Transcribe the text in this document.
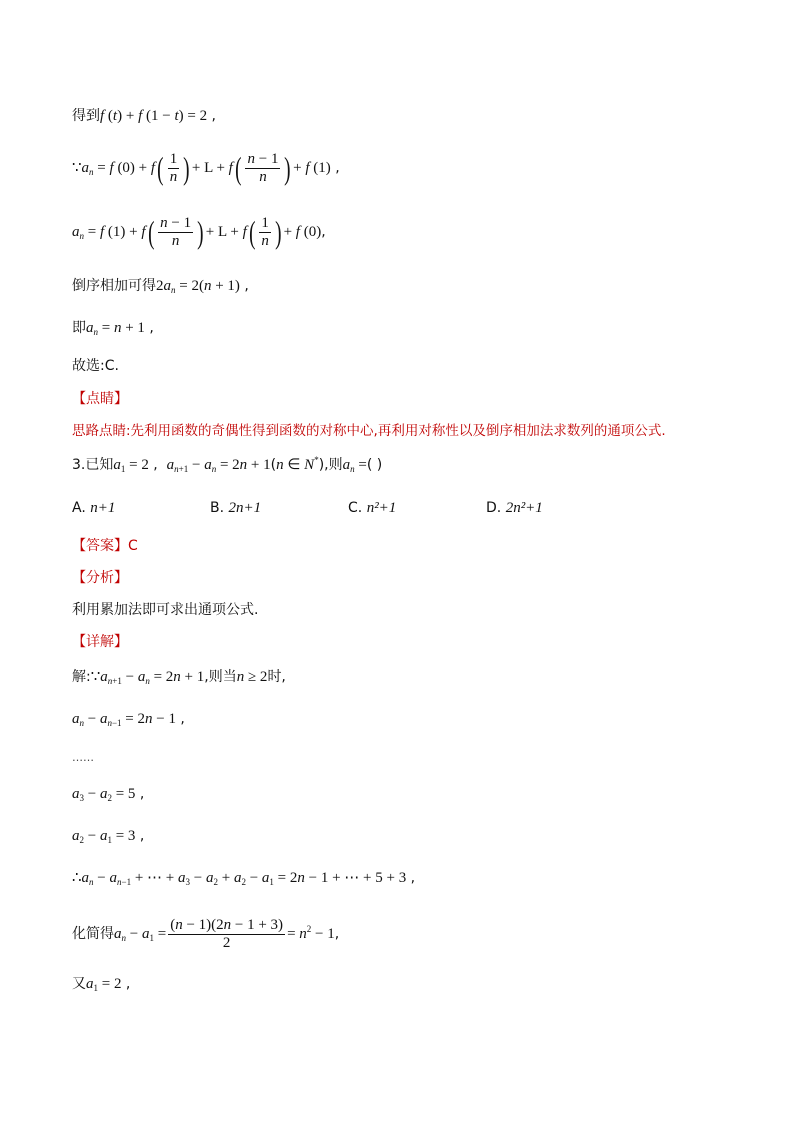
得到f (t) + f (1 − t) = 2 ,
$\because a_n = f$ $(0) + f( \frac{1}{n}$ ) + $L + f( \frac{n - 1}{n}$ ) + f (1) ,
$a_n = f$ $(1) + f( \frac{n - 1}{n}$ ) + $L + f( \frac{1}{n}$ ) + f (0) ,
倒序相加可得$2a_n = 2(n + 1)$ ,
即$a_n = n + 1$ ,
故选:C.
【点睛】
思路点睛:先利用函数的奇偶性得到函数的对称中心,再利用对称性以及倒序相加法求数列的通项公式.
3.已知$a_1 = 2$ ,  $a_{n+1} - a_n = 2n + 1(n$ ∈ N*),则$a_n$ =( )
A. n+1	B. 2n+1	C. n²+1	D. 2n²+1
【答案】C
【分析】
利用累加法即可求出通项公式.
【详解】
解$:\because a_{n+1} - a_n = 2n + 1$,则当n ≥ 2时,
$a_n - a_{n-1} = 2n - 1$ ,
……
$a_3 - a_2 = 5$ ,
$a_2 - a_1 = 3$ ,
$\therefore a_n - a_{n-1}$ + ⋯ + $a_3 - a_2 + a_2 - a_1 = 2n - 1$ + ⋯ + 5 + 3 ,
化简得 $a_n - a_1 = \frac{(n - 1)(2n - 1 + 3)}{2} = n^2 - 1$ ,
又$a_1 = 2$ ,
